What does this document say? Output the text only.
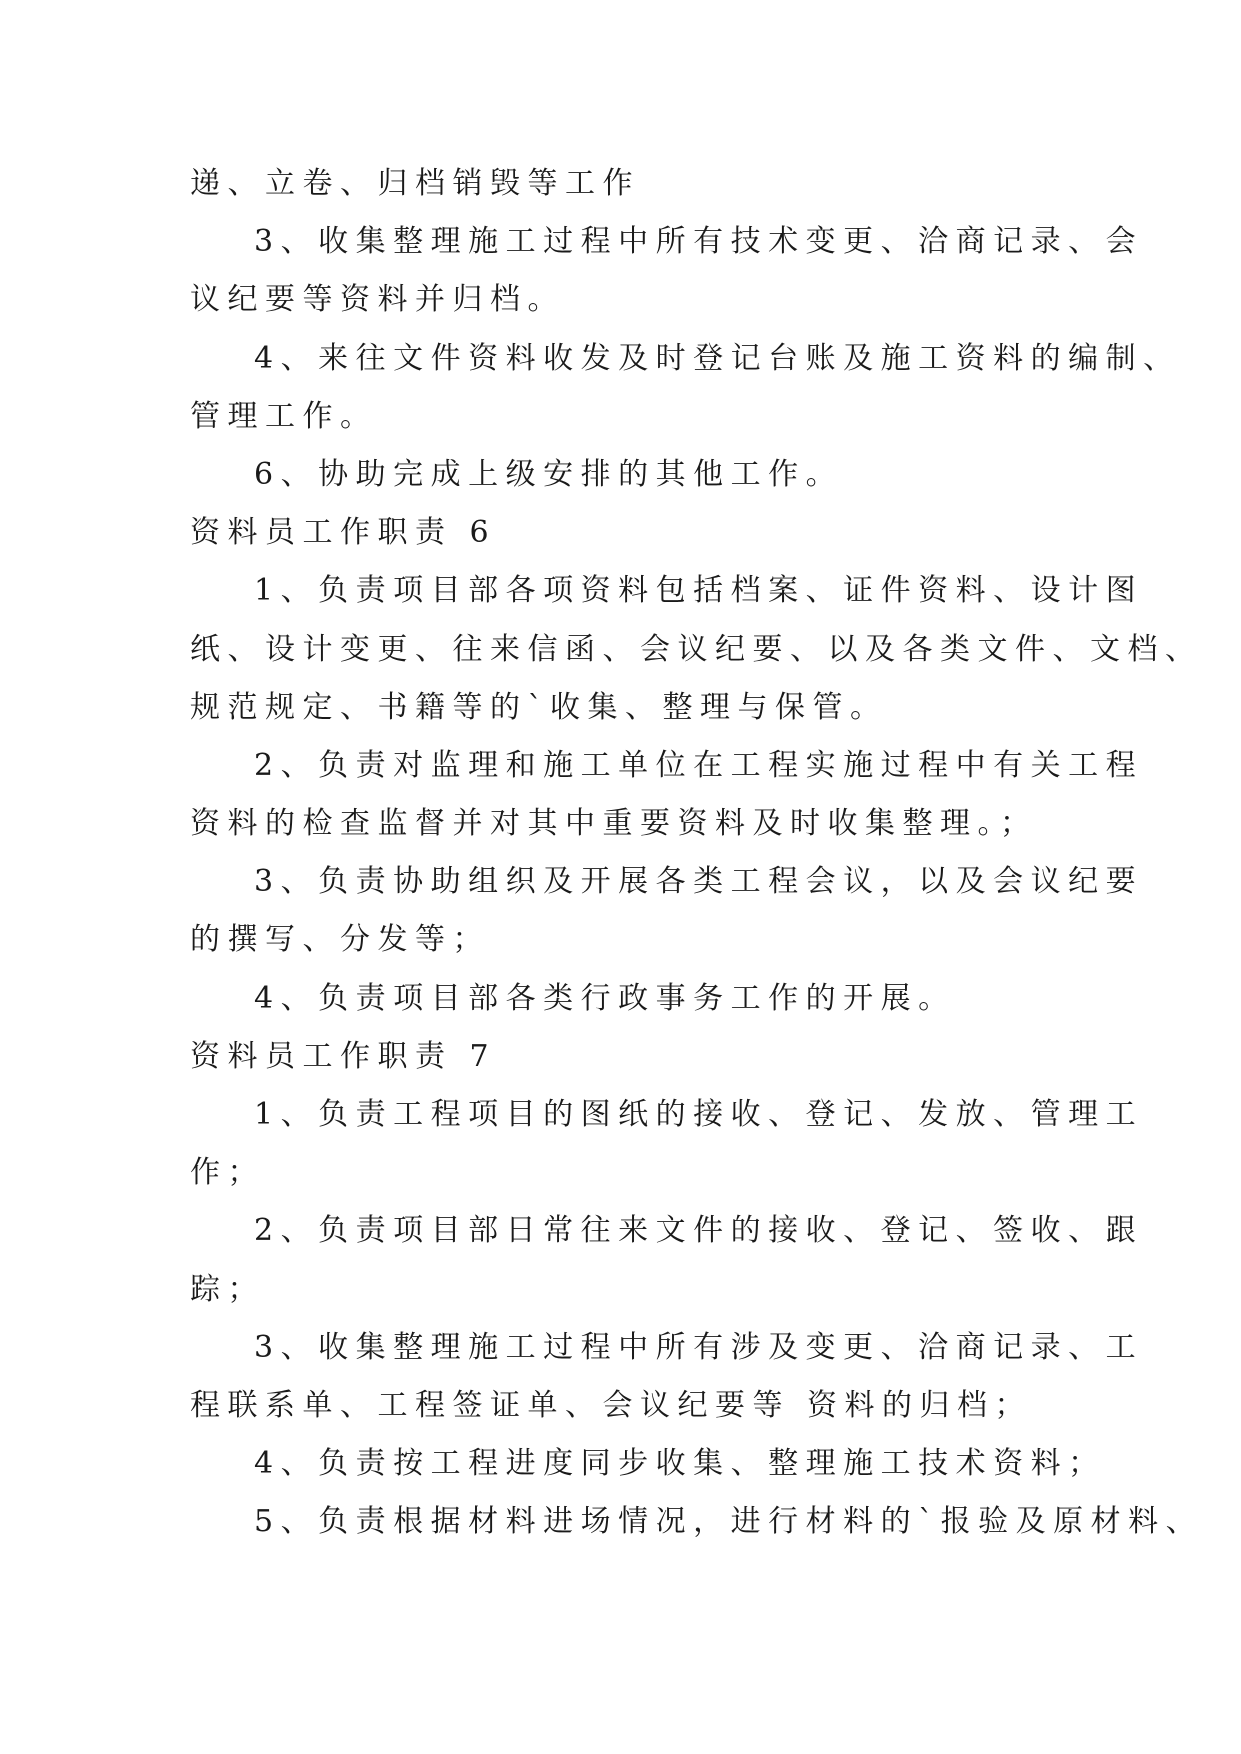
递、立卷、归档销毁等工作

3、收集整理施工过程中所有技术变更、洽商记录、会

议纪要等资料并归档。

4、来往文件资料收发及时登记台账及施工资料的编制、

管理工作。

6、协助完成上级安排的其他工作。

资料员工作职责 6

1、负责项目部各项资料包括档案、证件资料、设计图

纸、设计变更、往来信函、会议纪要、以及各类文件、文档、

规范规定、书籍等的`收集、整理与保管。

2、负责对监理和施工单位在工程实施过程中有关工程

资料的检查监督并对其中重要资料及时收集整理。；

3、负责协助组织及开展各类工程会议，以及会议纪要

的撰写、分发等；

4、负责项目部各类行政事务工作的开展。

资料员工作职责 7

1、负责工程项目的图纸的接收、登记、发放、管理工

作；

2、负责项目部日常往来文件的接收、登记、签收、跟

踪；

3、收集整理施工过程中所有涉及变更、洽商记录、工

程联系单、工程签证单、会议纪要等 资料的归档；

4、负责按工程进度同步收集、整理施工技术资料；

5、负责根据材料进场情况，进行材料的`报验及原材料、
